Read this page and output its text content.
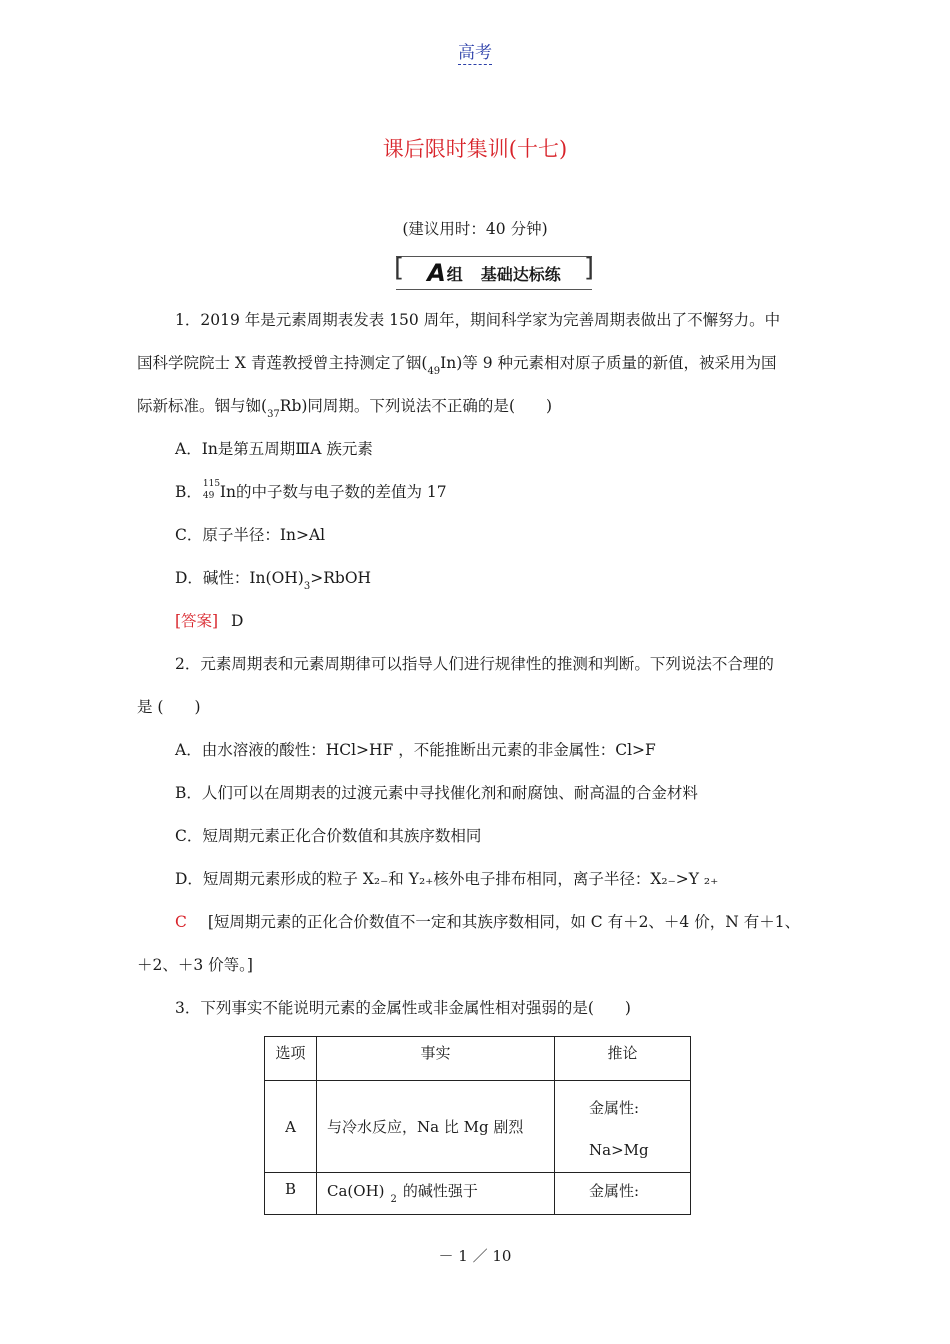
高考
课后限时集训(十七)
(建议用时：40 分钟)
[ A 组 基础达标练 ]
1．2019 年是元素周期表发表 150 周年，期间科学家为完善周期表做出了不懈努力。中
国科学院院士 X 青莲教授曾主持测定了铟$(_{49}In)$等 9 种元素相对原子质量的新值，被采用为国
际新标准。铟与铷$(_{37}Rb)$同周期。下列说法不正确的是(　　)
A．In是第五周期ⅢA 族元素
B． 115
49 In的中子数与电子数的差值为 17
C．原子半径：In>Al
D．碱性：$In(OH)_3>RbOH$
[答案] D
2．元素周期表和元素周期律可以指导人们进行规律性的推测和判断。下列说法不合理的
是 (　　)
A．由水溶液的酸性：HCl>HF ，不能推断出元素的非金属性：Cl>F
B．人们可以在周期表的过渡元素中寻找催化剂和耐腐蚀、耐高温的合金材料
C．短周期元素正化合价数值和其族序数相同
D．短周期元素形成的粒子 X₂₋和 Y₂₊核外电子排布相同，离子半径：X₂₋>Y ₂₊
C [短周期元素的正化合价数值不一定和其族序数相同，如 C 有＋2、＋4 价，N 有＋1、
＋2、＋3 价等。]
3．下列事实不能说明元素的金属性或非金属性相对强弱的是(　　)
选项	事实	推论
A	与冷水反应，Na 比 Mg 剧烈	金属性:
Na>Mg

B	Ca(OH) $_2$ 的碱性强于	金属性:
－ 1 ／ 10
